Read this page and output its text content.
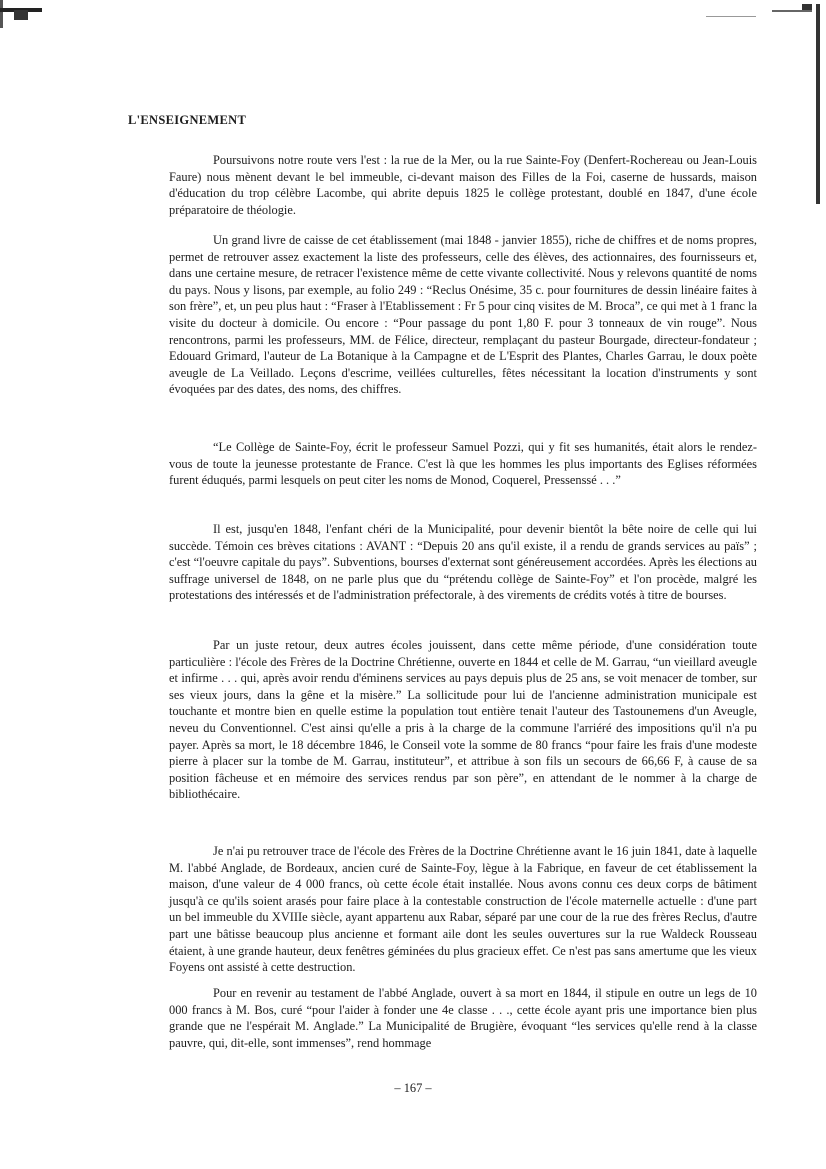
L'ENSEIGNEMENT

Poursuivons notre route vers l'est : la rue de la Mer, ou la rue Sainte-Foy (Denfert-Rochereau ou Jean-Louis Faure) nous mènent devant le bel immeuble, ci-devant maison des Filles de la Foi, caserne de hussards, maison d'éducation du trop célèbre Lacombe, qui abrite depuis 1825 le collège protestant, doublé en 1847, d'une école préparatoire de théologie.

Un grand livre de caisse de cet établissement (mai 1848 - janvier 1855), riche de chiffres et de noms propres, permet de retrouver assez exactement la liste des professeurs, celle des élèves, des actionnaires, des fournisseurs et, dans une certaine mesure, de retracer l'existence même de cette vivante collectivité. Nous y relevons quantité de noms du pays. Nous y lisons, par exemple, au folio 249 : “Reclus Onésime, 35 c. pour fournitures de dessin linéaire faites à son frère”, et, un peu plus haut : “Fraser à l'Etablissement : Fr 5 pour cinq visites de M. Broca”, ce qui met à 1 franc la visite du docteur à domicile. Ou encore : “Pour passage du pont 1,80 F. pour 3 tonneaux de vin rouge”. Nous rencontrons, parmi les professeurs, MM. de Félice, directeur, remplaçant du pasteur Bourgade, directeur-fondateur ; Edouard Grimard, l'auteur de La Botanique à la Campagne et de L'Esprit des Plantes, Charles Garrau, le doux poète aveugle de La Veillado. Leçons d'escrime, veillées culturelles, fêtes nécessitant la location d'instruments y sont évoquées par des dates, des noms, des chiffres.

“Le Collège de Sainte-Foy, écrit le professeur Samuel Pozzi, qui y fit ses humanités, était alors le rendez-vous de toute la jeunesse protestante de France. C'est là que les hommes les plus importants des Eglises réformées furent éduqués, parmi lesquels on peut citer les noms de Monod, Coquerel, Pressenssé . . .”

Il est, jusqu'en 1848, l'enfant chéri de la Municipalité, pour devenir bientôt la bête noire de celle qui lui succède. Témoin ces brèves citations : AVANT : “Depuis 20 ans qu'il existe, il a rendu de grands services au païs” ; c'est “l'oeuvre capitale du pays”. Subventions, bourses d'externat sont généreusement accordées. Après les élections au suffrage universel de 1848, on ne parle plus que du “prétendu collège de Sainte-Foy” et l'on procède, malgré les protestations des intéressés et de l'administration préfectorale, à des virements de crédits votés à titre de bourses.

Par un juste retour, deux autres écoles jouissent, dans cette même période, d'une considération toute particulière : l'école des Frères de la Doctrine Chrétienne, ouverte en 1844 et celle de M. Garrau, “un vieillard aveugle et infirme . . . qui, après avoir rendu d'éminens services au pays depuis plus de 25 ans, se voit menacer de tomber, sur ses vieux jours, dans la gêne et la misère.” La sollicitude pour lui de l'ancienne administration municipale est touchante et montre bien en quelle estime la population tout entière tenait l'auteur des Tastounemens d'un Aveugle, neveu du Conventionnel. C'est ainsi qu'elle a pris à la charge de la commune l'arriéré des impositions qu'il n'a pu payer. Après sa mort, le 18 décembre 1846, le Conseil vote la somme de 80 francs “pour faire les frais d'une modeste pierre à placer sur la tombe de M. Garrau, instituteur”, et attribue à son fils un secours de 66,66 F, à cause de sa position fâcheuse et en mémoire des services rendus par son père”, en attendant de le nommer à la charge de bibliothécaire.

Je n'ai pu retrouver trace de l'école des Frères de la Doctrine Chrétienne avant le 16 juin 1841, date à laquelle M. l'abbé Anglade, de Bordeaux, ancien curé de Sainte-Foy, lègue à la Fabrique, en faveur de cet établissement la maison, d'une valeur de 4 000 francs, où cette école était installée. Nous avons connu ces deux corps de bâtiment jusqu'à ce qu'ils soient arasés pour faire place à la contestable construction de l'école maternelle actuelle : d'une part un bel immeuble du XVIIIe siècle, ayant appartenu aux Rabar, séparé par une cour de la rue des frères Reclus, d'autre part une bâtisse beaucoup plus ancienne et formant aile dont les seules ouvertures sur la rue Waldeck Rousseau étaient, à une grande hauteur, deux fenêtres géminées du plus gracieux effet. Ce n'est pas sans amertume que les vieux Foyens ont assisté à cette destruction.

Pour en revenir au testament de l'abbé Anglade, ouvert à sa mort en 1844, il stipule en outre un legs de 10 000 francs à M. Bos, curé “pour l'aider à fonder une 4e classe . . ., cette école ayant pris une importance bien plus grande que ne l'espérait M. Anglade.” La Municipalité de Brugière, évoquant “les services qu'elle rend à la classe pauvre, qui, dit-elle, sont immenses”, rend hommage

– 167 –
